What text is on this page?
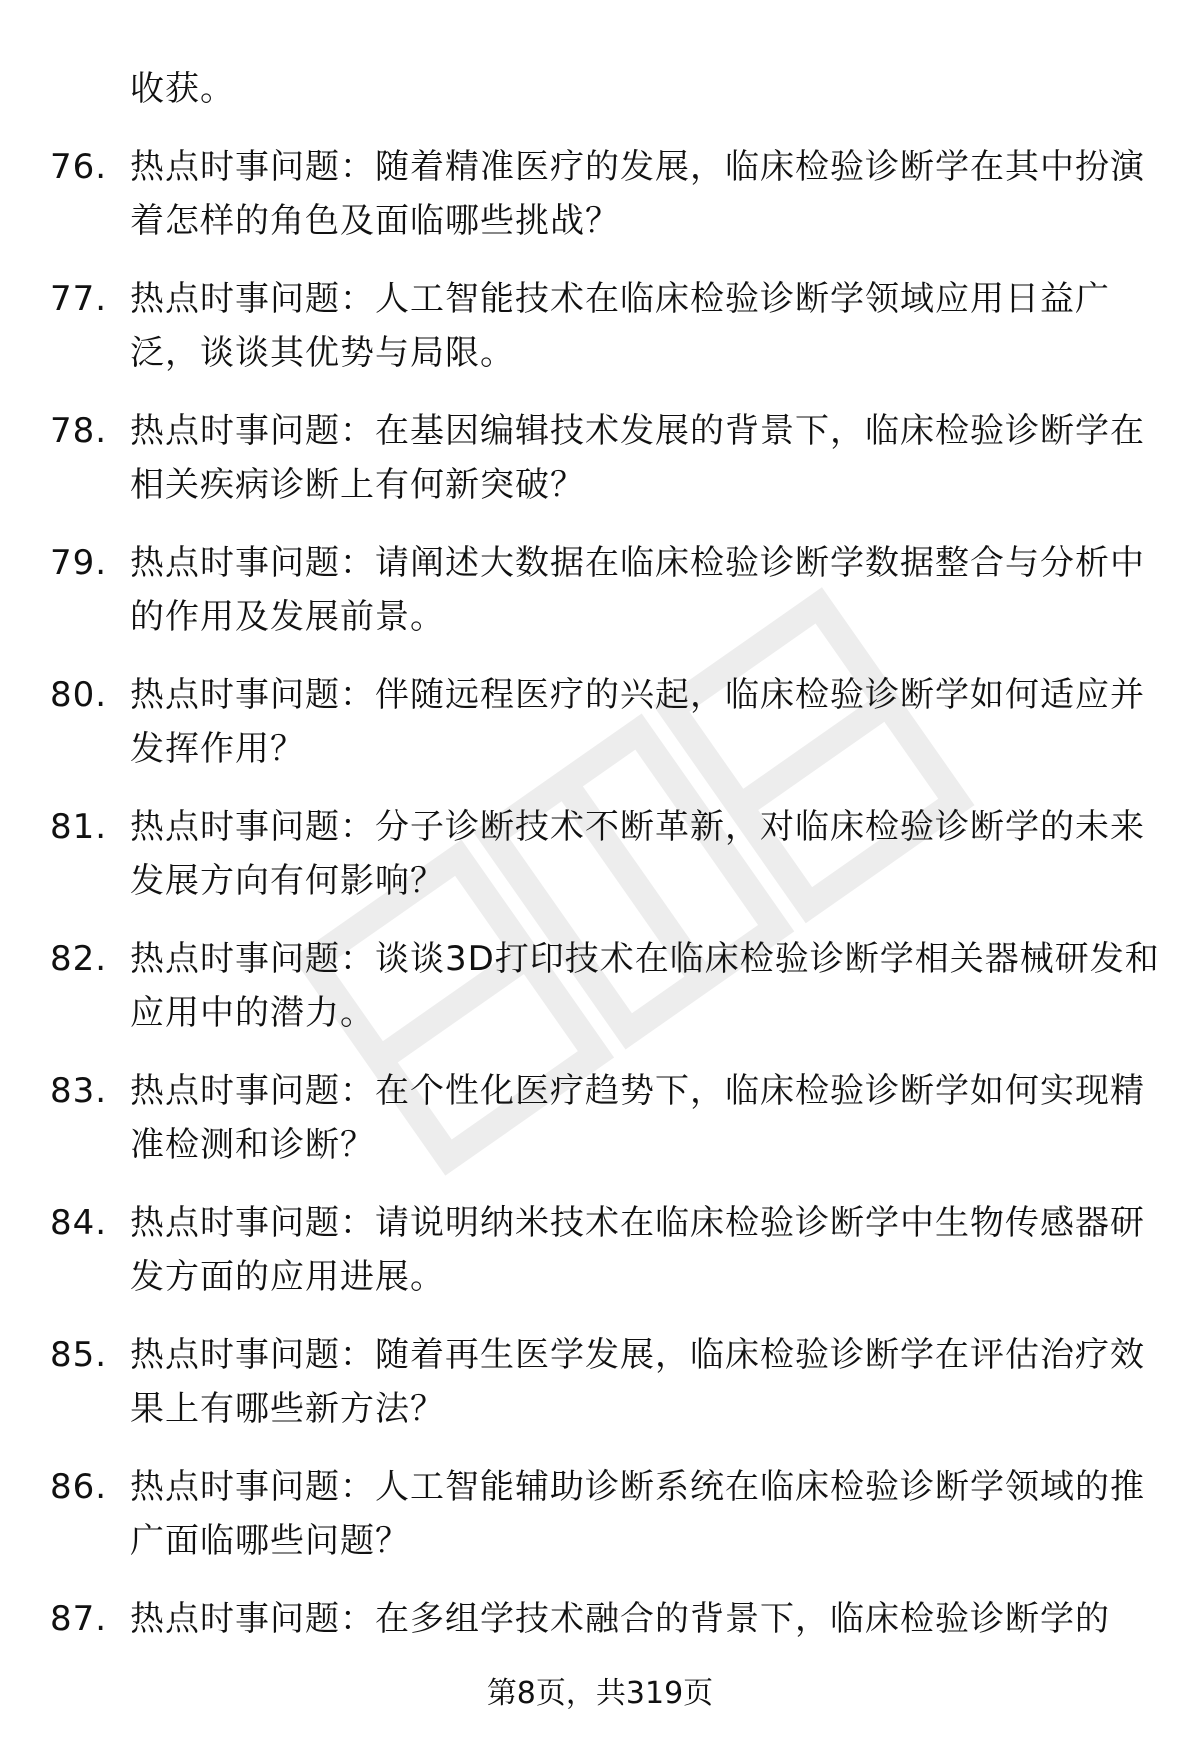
收获。
76. 热点时事问题：随着精准医疗的发展，临床检验诊断学在其中扮演着怎样的角色及面临哪些挑战？
77. 热点时事问题：人工智能技术在临床检验诊断学领域应用日益广泛，谈谈其优势与局限。
78. 热点时事问题：在基因编辑技术发展的背景下，临床检验诊断学在相关疾病诊断上有何新突破？
79. 热点时事问题：请阐述大数据在临床检验诊断学数据整合与分析中的作用及发展前景。
80. 热点时事问题：伴随远程医疗的兴起，临床检验诊断学如何适应并发挥作用？
81. 热点时事问题：分子诊断技术不断革新，对临床检验诊断学的未来发展方向有何影响？
82. 热点时事问题：谈谈3D打印技术在临床检验诊断学相关器械研发和应用中的潜力。
83. 热点时事问题：在个性化医疗趋势下，临床检验诊断学如何实现精准检测和诊断？
84. 热点时事问题：请说明纳米技术在临床检验诊断学中生物传感器研发方面的应用进展。
85. 热点时事问题：随着再生医学发展，临床检验诊断学在评估治疗效果上有哪些新方法？
86. 热点时事问题：人工智能辅助诊断系统在临床检验诊断学领域的推广面临哪些问题？
87. 热点时事问题：在多组学技术融合的背景下，临床检验诊断学的
第8页，共319页
